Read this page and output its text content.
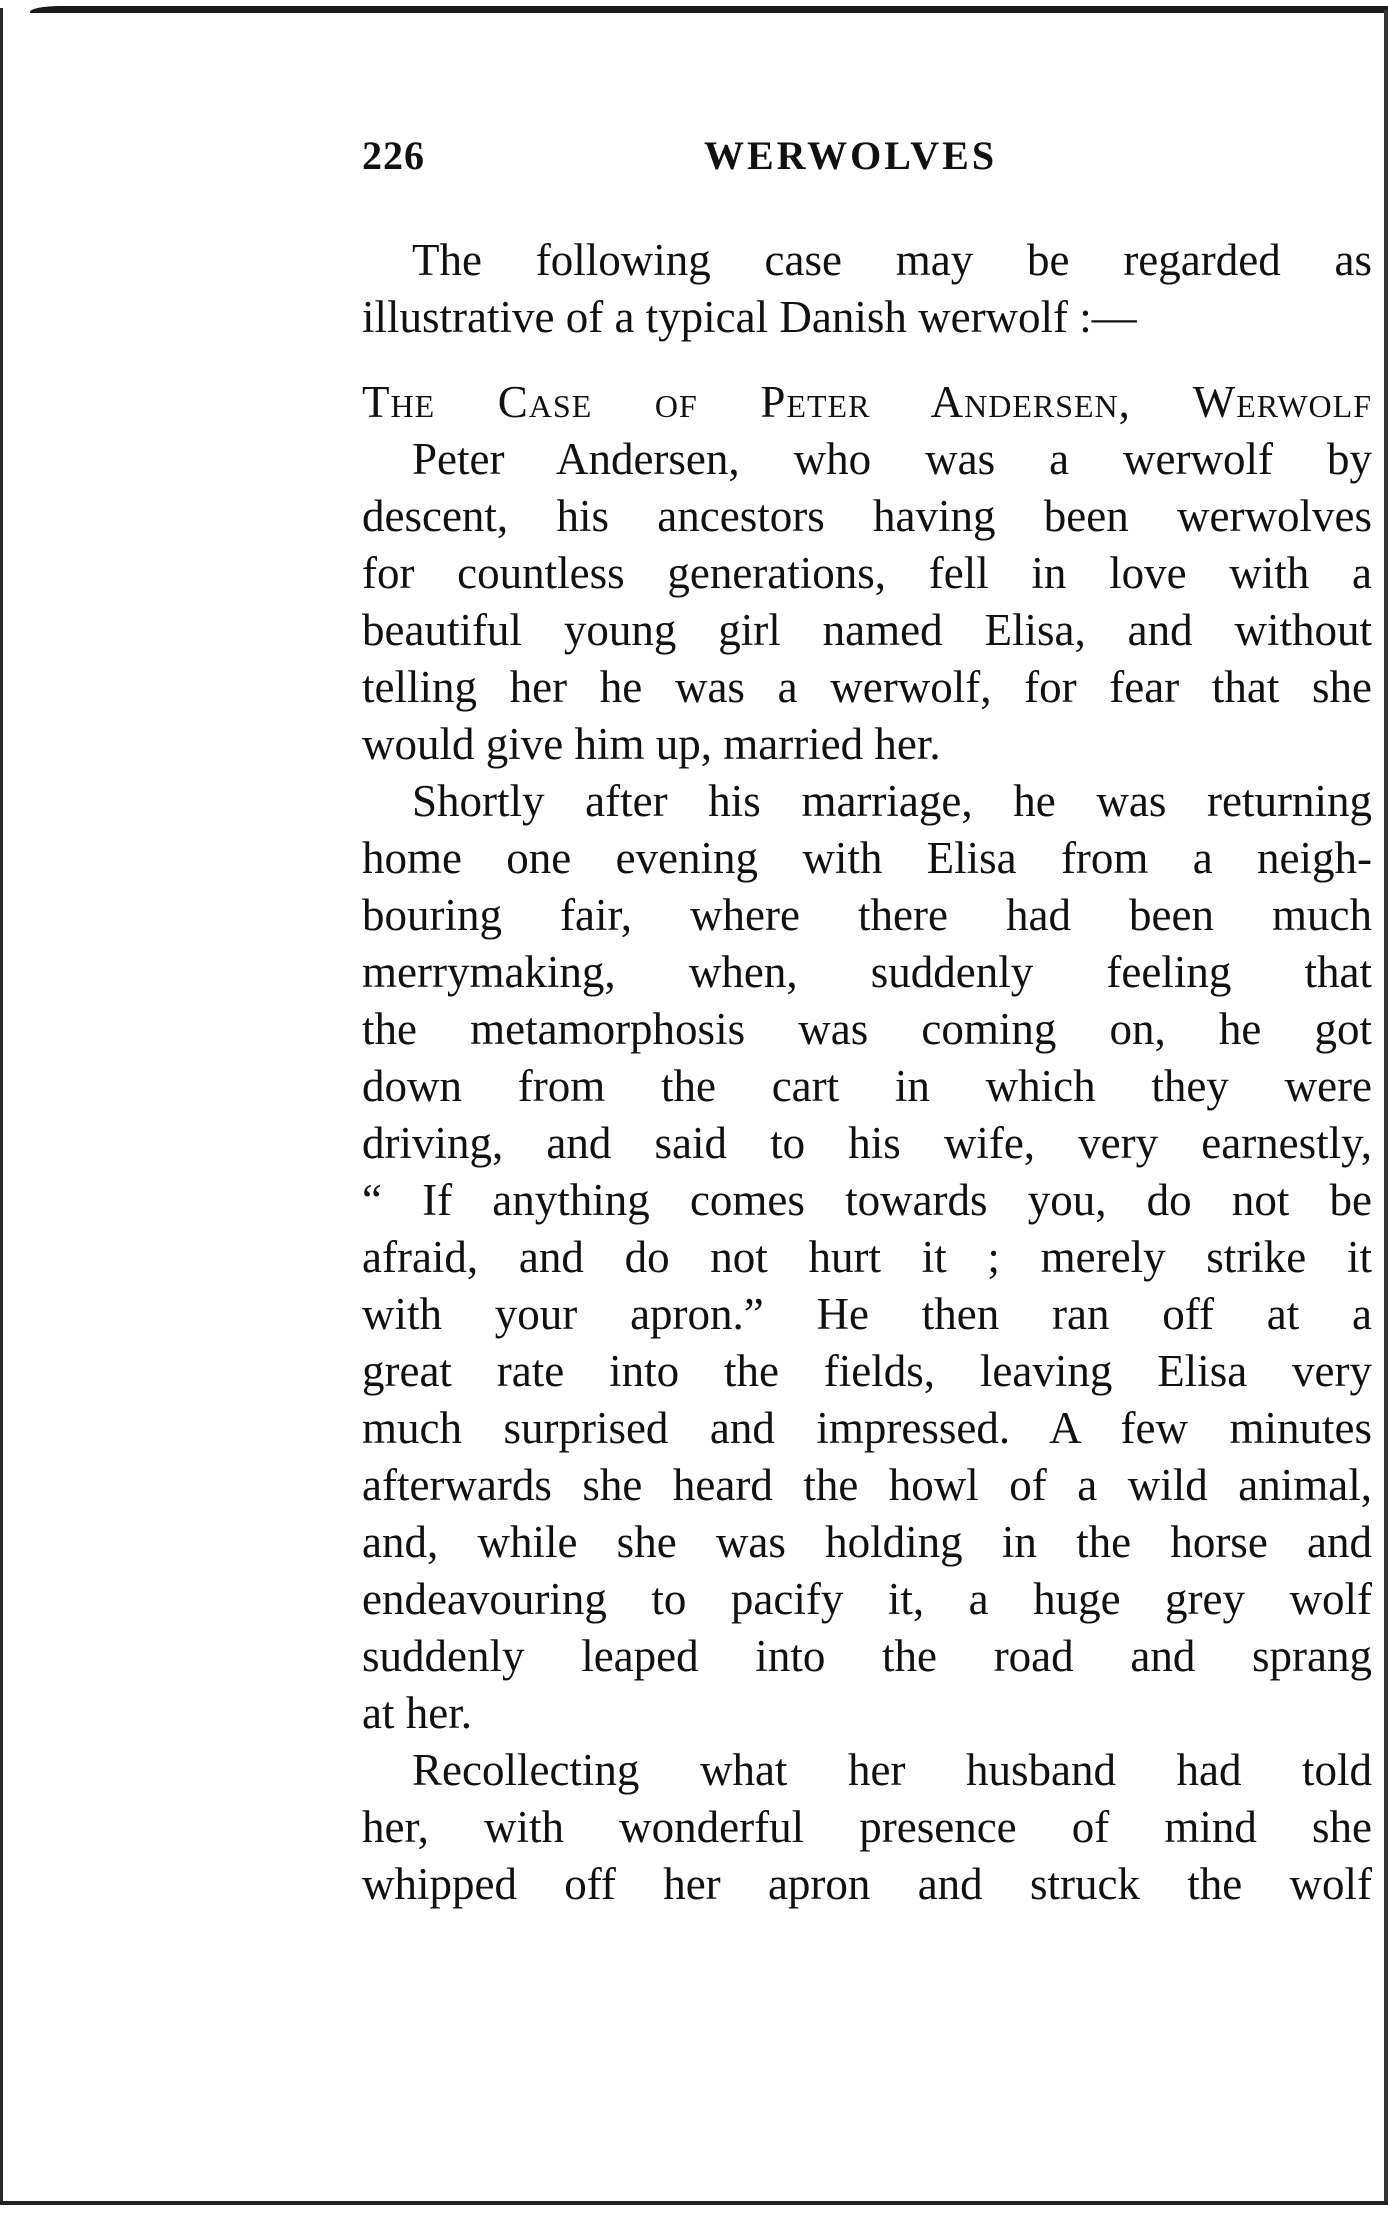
226	WERWOLVES
The following case may be regarded as
illustrative of a typical Danish werwolf :—
The Case of Peter Andersen, Werwolf
Peter Andersen, who was a werwolf by
descent, his ancestors having been werwolves
for countless generations, fell in love with a
beautiful young girl named Elisa, and without
telling her he was a werwolf, for fear that she
would give him up, married her.
Shortly after his marriage, he was returning
home one evening with Elisa from a neigh-
bouring fair, where there had been much
merrymaking, when, suddenly feeling that
the metamorphosis was coming on, he got
down from the cart in which they were
driving, and said to his wife, very earnestly,
“ If anything comes towards you, do not be
afraid, and do not hurt it ; merely strike it
with your apron.” He then ran off at a
great rate into the fields, leaving Elisa very
much surprised and impressed. A few minutes
afterwards she heard the howl of a wild animal,
and, while she was holding in the horse and
endeavouring to pacify it, a huge grey wolf
suddenly leaped into the road and sprang
at her.
Recollecting what her husband had told
her, with wonderful presence of mind she
whipped off her apron and struck the wolf
